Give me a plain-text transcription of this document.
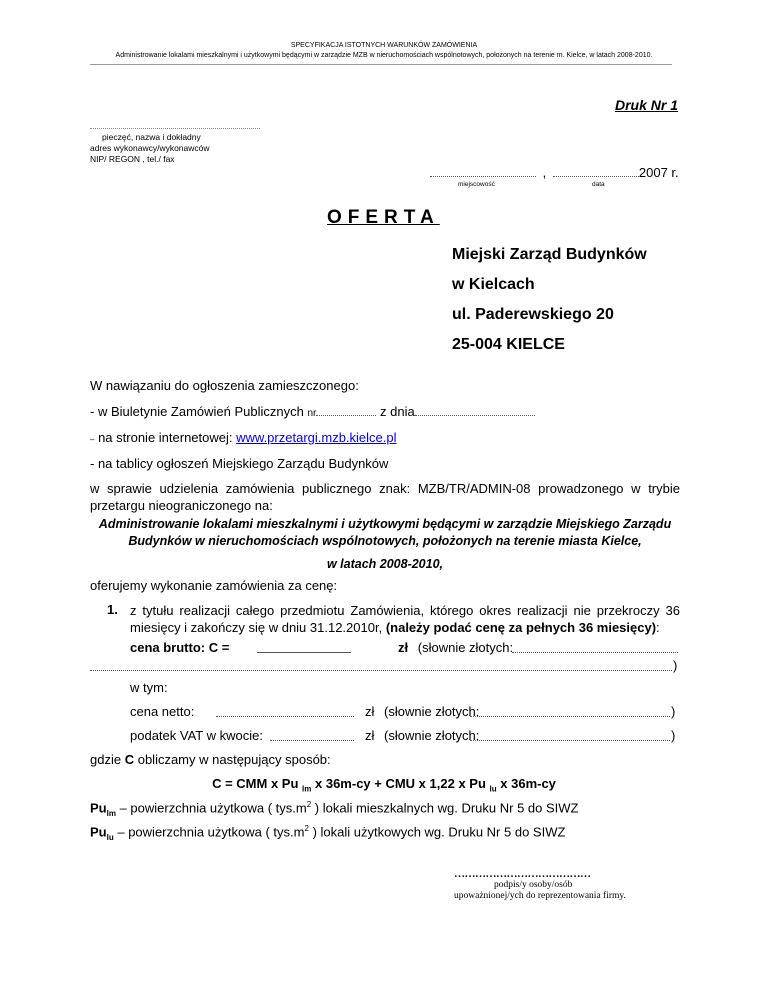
SPECYFIKACJA ISTOTNYCH WARUNKÓW ZAMÓWIENIA
Administrowanie lokalami mieszkalnymi i użytkowymi będącymi w zarządzie MZB w nieruchomościach wspólnotowych, położonych na terenie m. Kielce, w latach 2008-2010.
Druk Nr 1
pieczęć, nazwa i dokładny
adres wykonawcy/wykonawców
NIP/ REGON , tel./ fax
,	2007 r.
miejscowość	data
OFERTA
Miejski Zarząd Budynków
w Kielcach
ul. Paderewskiego 20
25-004 KIELCE
W nawiązaniu do ogłoszenia zamieszczonego:
- w Biuletynie Zamówień Publicznych nr	z dnia
– na stronie internetowej: www.przetargi.mzb.kielce.pl
- na tablicy ogłoszeń Miejskiego Zarządu Budynków
w sprawie udzielenia zamówienia publicznego znak: MZB/TR/ADMIN-08 prowadzonego w trybie przetargu nieograniczonego na:
Administrowanie lokalami mieszkalnymi i użytkowymi będącymi w zarządzie Miejskiego Zarządu
Budynków w nieruchomościach wspólnotowych, położonych na terenie miasta Kielce,
w latach 2008-2010,
oferujemy wykonanie zamówienia za cenę:
1. z tytułu realizacji całego przedmiotu Zamówienia, którego okres realizacji nie przekroczy 36 miesięcy i zakończy się w dniu 31.12.2010r, (należy podać cenę za pełnych 36 miesięcy):
cena brutto: C =	zł (słownie złotych:
)
w tym:
cena netto:	zł (słownie złotych:	)
podatek VAT w kwocie:	zł (słownie złotych:	)
gdzie C obliczamy w następujący sposób:
C = CMM x Pu $_{lm}$ x 36m-cy + CMU x 1,22 x Pu $_{lu}$ x 36m-cy
$Pu_{lm}$ – powierzchnia użytkowa ( $tys.m^2$ ) lokali mieszkalnych wg. Druku Nr 5 do SIWZ
$Pu_{lu}$ – powierzchnia użytkowa ( $tys.m^2$ ) lokali użytkowych wg. Druku Nr 5 do SIWZ
…………………………………
podpis/y osoby/osób
upoważnionej/ych do reprezentowania firmy.
